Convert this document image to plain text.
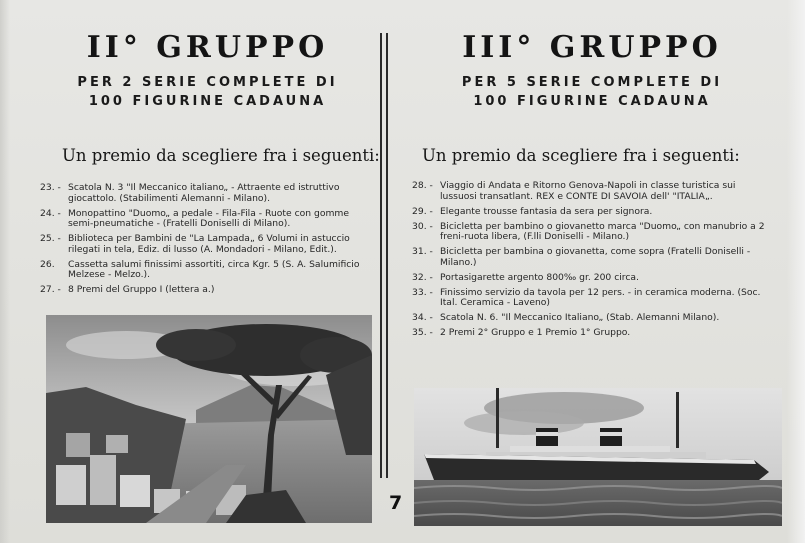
II° GRUPPO
PER 2 SERIE COMPLETE DI
100 FIGURINE CADAUNA
Un premio da scegliere fra i seguenti:
23. - Scatola N. 3 "Il Meccanico italiano„ - Attraente ed istruttivo giocattolo. (Stabilimenti Alemanni - Milano).
24. - Monopattino "Duomo„ a pedale - Fila-Fila - Ruote con gomme semi-pneumatiche - (Fratelli Doniselli di Milano).
25. - Biblioteca per Bambini de "La Lampada„ 6 Volumi in astuccio rilegati in tela, Ediz. di lusso (A. Mondadori - Milano, Edit.).
26.	Cassetta salumi finissimi assortiti, circa Kgr. 5 (S. A. Salumificio Melzese - Melzo.).
27. - 8 Premi del Gruppo I (lettera a.)
III° GRUPPO
PER 5 SERIE COMPLETE DI
100 FIGURINE CADAUNA
Un premio da scegliere fra i seguenti:
28. - Viaggio di Andata e Ritorno Genova-Napoli in classe turistica sui lussuosi transatlant. REX e CONTE DI SAVOIA dell' "ITALIA„.
29. - Elegante trousse fantasia da sera per signora.
30. - Bicicletta per bambino o giovanetto marca "Duomo„ con manubrio a 2 freni-ruota libera, (F.lli Doniselli - Milano.)
31. - Bicicletta per bambina o giovanetta, come sopra (Fratelli Doniselli - Milano.)
32. - Portasigarette argento 800‰ gr. 200 circa.
33. - Finissimo servizio da tavola per 12 pers. - in ceramica moderna. (Soc. Ital. Ceramica - Laveno)
34. - Scatola N. 6. "Il Meccanico Italiano„ (Stab. Alemanni Milano).
35. - 2 Premi 2° Gruppo e 1 Premio 1° Gruppo.
7
